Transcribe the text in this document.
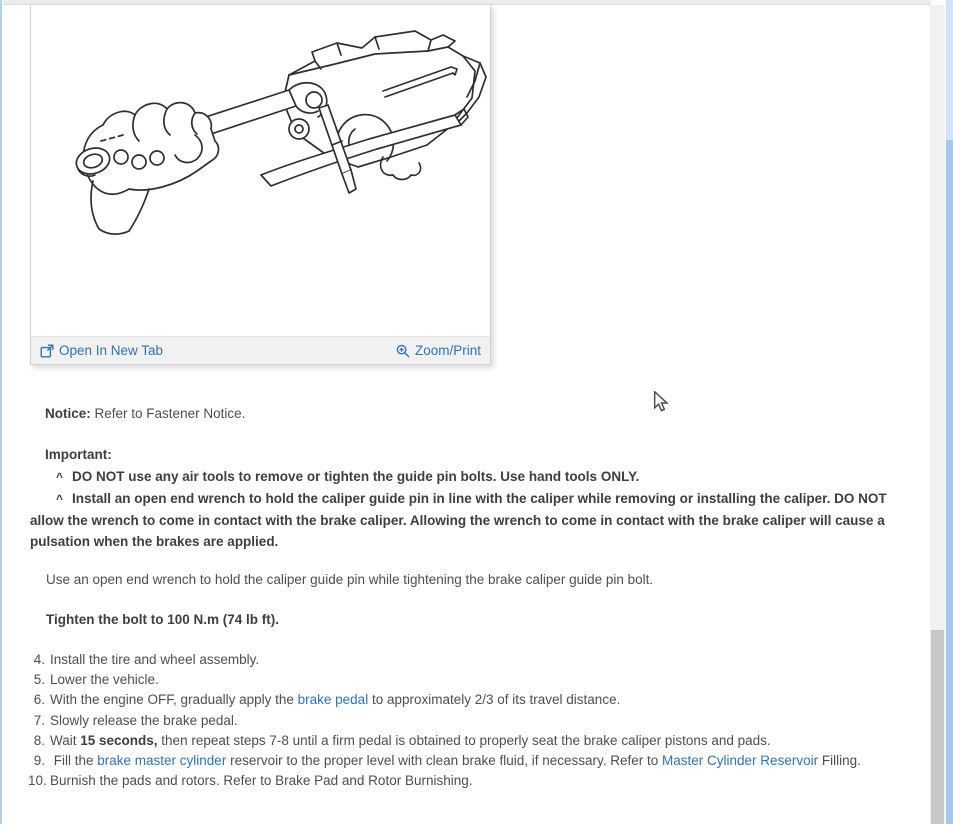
Open In New Tab	Zoom/Print

Notice: Refer to Fastener Notice.

Important:

^ DO NOT use any air tools to remove or tighten the guide pin bolts. Use hand tools ONLY.
^ Install an open end wrench to hold the caliper guide pin in line with the caliper while removing or installing the caliper. DO NOT allow the wrench to come in contact with the brake caliper. Allowing the wrench to come in contact with the brake caliper will cause a pulsation when the brakes are applied.

Use an open end wrench to hold the caliper guide pin while tightening the brake caliper guide pin bolt.

Tighten the bolt to 100 N.m (74 lb ft).

4. Install the tire and wheel assembly.
5. Lower the vehicle.
6. With the engine OFF, gradually apply the brake pedal to approximately 2/3 of its travel distance.
7. Slowly release the brake pedal.
8. Wait 15 seconds, then repeat steps 7-8 until a firm pedal is obtained to properly seat the brake caliper pistons and pads.
9. Fill the brake master cylinder reservoir to the proper level with clean brake fluid, if necessary. Refer to Master Cylinder Reservoir Filling.
10. Burnish the pads and rotors. Refer to Brake Pad and Rotor Burnishing.
